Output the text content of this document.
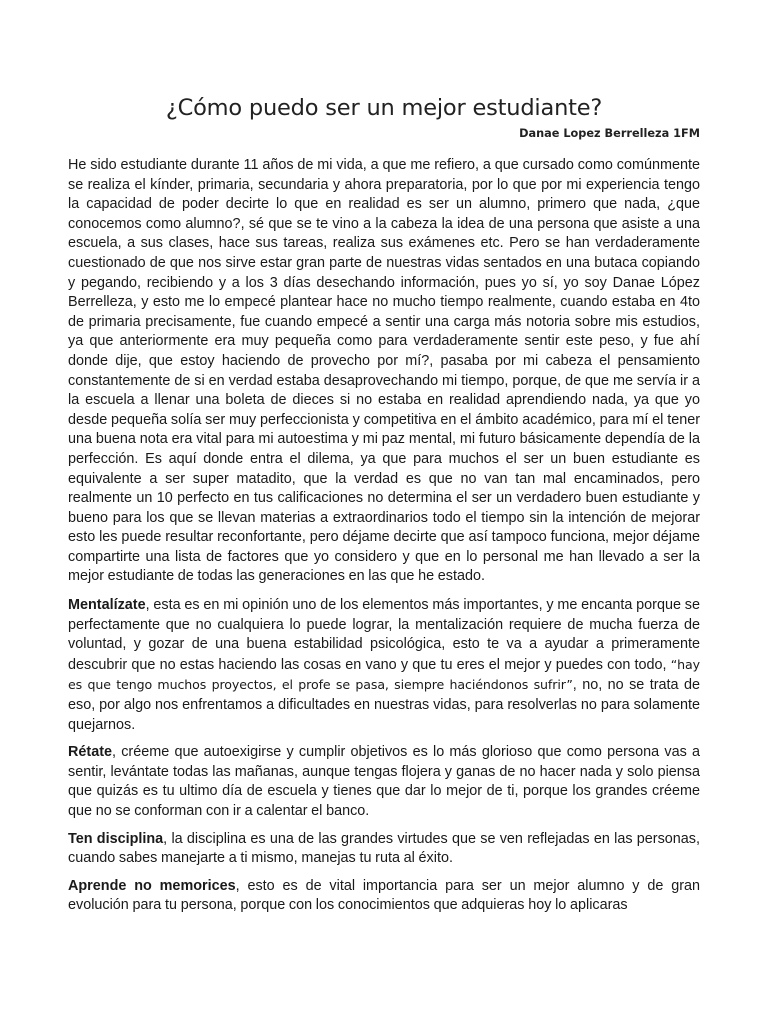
¿Cómo puedo ser un mejor estudiante?
Danae Lopez Berrelleza 1FM

He sido estudiante durante 11 años de mi vida, a que me refiero, a que cursado como comúnmente se realiza el kínder, primaria, secundaria y ahora preparatoria, por lo que por mi experiencia tengo la capacidad de poder decirte lo que en realidad es ser un alumno, primero que nada, ¿que conocemos como alumno?, sé que se te vino a la cabeza la idea de una persona que asiste a una escuela, a sus clases, hace sus tareas, realiza sus exámenes etc. Pero se han verdaderamente cuestionado de que nos sirve estar gran parte de nuestras vidas sentados en una butaca copiando y pegando, recibiendo y a los 3 días desechando información, pues yo sí, yo soy Danae López Berrelleza, y esto me lo empecé plantear hace no mucho tiempo realmente, cuando estaba en 4to de primaria precisamente, fue cuando empecé a sentir una carga más notoria sobre mis estudios, ya que anteriormente era muy pequeña como para verdaderamente sentir este peso, y fue ahí donde dije, que estoy haciendo de provecho por mí?, pasaba por mi cabeza el pensamiento constantemente de si en verdad estaba desaprovechando mi tiempo, porque, de que me servía ir a la escuela a llenar una boleta de dieces si no estaba en realidad aprendiendo nada, ya que yo desde pequeña solía ser muy perfeccionista y competitiva en el ámbito académico, para mí el tener una buena nota era vital para mi autoestima y mi paz mental, mi futuro básicamente dependía de la perfección. Es aquí donde entra el dilema, ya que para muchos el ser un buen estudiante es equivalente a ser super matadito, que la verdad es que no van tan mal encaminados, pero realmente un 10 perfecto en tus calificaciones no determina el ser un verdadero buen estudiante y bueno para los que se llevan materias a extraordinarios todo el tiempo sin la intención de mejorar esto les puede resultar reconfortante, pero déjame decirte que así tampoco funciona, mejor déjame compartirte una lista de factores que yo considero y que en lo personal me han llevado a ser la mejor estudiante de todas las generaciones en las que he estado.

Mentalízate, esta es en mi opinión uno de los elementos más importantes, y me encanta porque se perfectamente que no cualquiera lo puede lograr, la mentalización requiere de mucha fuerza de voluntad, y gozar de una buena estabilidad psicológica, esto te va a ayudar a primeramente descubrir que no estas haciendo las cosas en vano y que tu eres el mejor y puedes con todo, “hay es que tengo muchos proyectos, el profe se pasa, siempre haciéndonos sufrir”, no, no se trata de eso, por algo nos enfrentamos a dificultades en nuestras vidas, para resolverlas no para solamente quejarnos.

Rétate, créeme que autoexigirse y cumplir objetivos es lo más glorioso que como persona vas a sentir, levántate todas las mañanas, aunque tengas flojera y ganas de no hacer nada y solo piensa que quizás es tu ultimo día de escuela y tienes que dar lo mejor de ti, porque los grandes créeme que no se conforman con ir a calentar el banco.

Ten disciplina, la disciplina es una de las grandes virtudes que se ven reflejadas en las personas, cuando sabes manejarte a ti mismo, manejas tu ruta al éxito.

Aprende no memorices, esto es de vital importancia para ser un mejor alumno y de gran evolución para tu persona, porque con los conocimientos que adquieras hoy lo aplicaras
